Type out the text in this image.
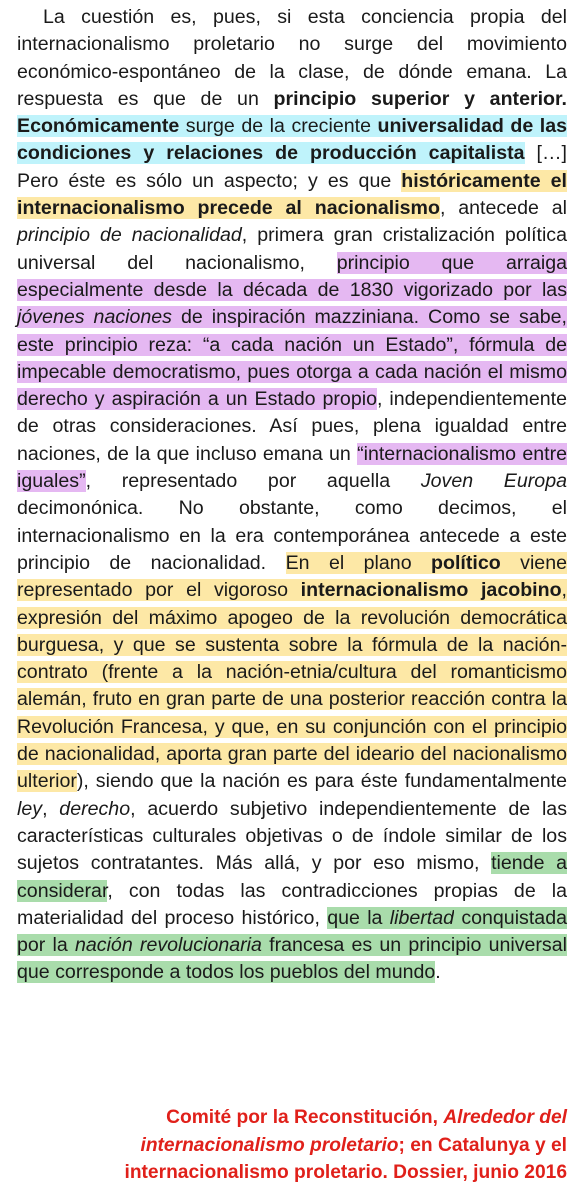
La cuestión es, pues, si esta conciencia propia del internacionalismo proletario no surge del movimiento económico-espontáneo de la clase, de dónde emana. La respuesta es que de un principio superior y anterior. Económicamente surge de la creciente universalidad de las condiciones y relaciones de producción capitalista […] Pero éste es sólo un aspecto; y es que históricamente el internacionalismo precede al nacionalismo, antecede al principio de nacionalidad, primera gran cristalización política universal del nacionalismo, principio que arraiga especialmente desde la década de 1830 vigorizado por las jóvenes naciones de inspiración mazziniana. Como se sabe, este principio reza: “a cada nación un Estado”, fórmula de impecable democratismo, pues otorga a cada nación el mismo derecho y aspiración a un Estado propio, independientemente de otras consideraciones. Así pues, plena igualdad entre naciones, de la que incluso emana un “internacionalismo entre iguales”, representado por aquella Joven Europa decimonónica. No obstante, como decimos, el internacionalismo en la era contemporánea antecede a este principio de nacionalidad. En el plano político viene representado por el vigoroso internacionalismo jacobino, expresión del máximo apogeo de la revolución democrática burguesa, y que se sustenta sobre la fórmula de la nación-contrato (frente a la nación-etnia/cultura del romanticismo alemán, fruto en gran parte de una posterior reacción contra la Revolución Francesa, y que, en su conjunción con el principio de nacionalidad, aporta gran parte del ideario del nacionalismo ulterior), siendo que la nación es para éste fundamentalmente ley, derecho, acuerdo subjetivo independientemente de las características culturales objetivas o de índole similar de los sujetos contratantes. Más allá, y por eso mismo, tiende a considerar, con todas las contradicciones propias de la materialidad del proceso histórico, que la libertad conquistada por la nación revolucionaria francesa es un principio universal que corresponde a todos los pueblos del mundo.

Comité por la Reconstitución, Alrededor del internacionalismo proletario; en Catalunya y el internacionalismo proletario. Dossier, junio 2016
